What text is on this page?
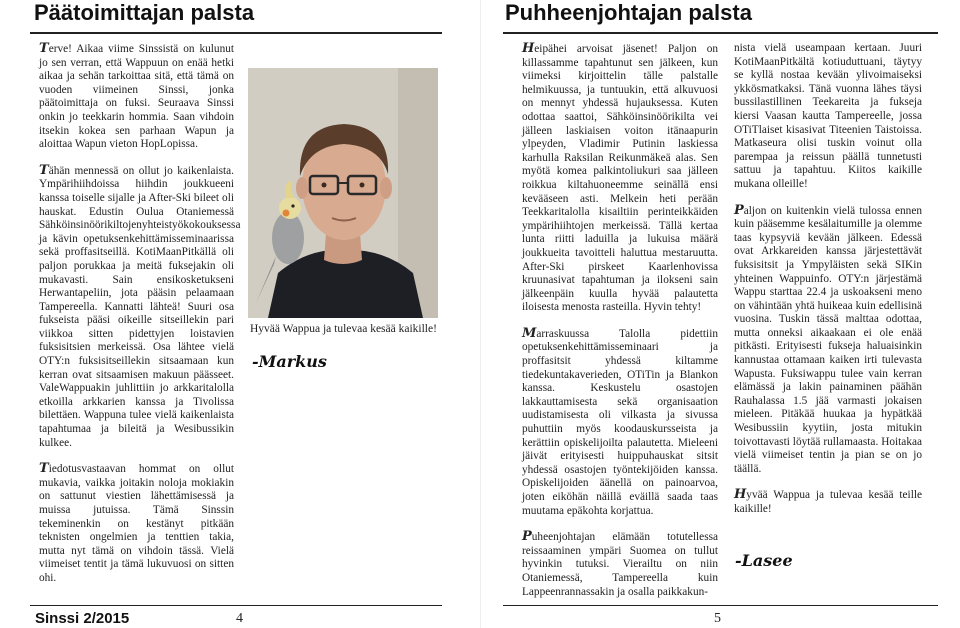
Päätoimittajan palsta

Terve! Aikaa viime Sinssistä on kulunut jo sen verran, että Wappuun on enää hetki aikaa ja sehän tarkoittaa sitä, että tämä on vuoden viimeinen Sinssi, jonka päätoimittaja on fuksi. Seuraava Sinssi onkin jo teekkarin hommia. Saan vihdoin itsekin kokea sen parhaan Wapun ja aloittaa Wapun vieton HopLopissa.

Tähän mennessä on ollut jo kaikenlaista. Ympärihiihdoissa hiihdin joukkueeni kanssa toiselle sijalle ja After-Ski bileet oli hauskat. Edustin Oulua Otaniemessä Sähköinsinöörikiltojenyhteistyökokouksessa ja kävin opetuksenkehittämisseminaarissa sekä proffasitseillä. KotiMaanPitkällä oli paljon porukkaa ja meitä fuksejakin oli mukavasti. Sain ensikosketukseni Herwantapeliin, jota pääsin pelaamaan Tampereella. Kannatti lähteä! Suuri osa fukseista pääsi oikeille sitseillekin pari viikkoa sitten pidettyjen loistavien fuksisitsien merkeissä. Osa lähtee vielä OTY:n fuksisitseillekin sitsaamaan kun kerran ovat sitsaamisen makuun päässeet. ValeWappuakin juhlittiin jo arkkaritalolla etkoilla arkkarien kanssa ja Tivolissa bilettäen. Wappuna tulee vielä kaikenlaista tapahtumaa ja bileitä ja Wesibussikin kulkee.

Tiedotusvastaavan hommat on ollut mukavia, vaikka joitakin noloja mokiakin on sattunut viestien lähettämisessä ja muissa jutuissa. Tämä Sinssin tekeminenkin on kestänyt pitkään teknisten ongelmien ja tenttien takia, mutta nyt tämä on vihdoin tässä. Vielä viimeiset tentit ja tämä lukuvuosi on sitten ohi.

Hyvää Wappua ja tulevaa kesää kaikille!
-Markus
Sinssi 2/2015	4
Puhheenjohtajan palsta

Heipähei arvoisat jäsenet! Paljon on killassamme tapahtunut sen jälkeen, kun viimeksi kirjoittelin tälle palstalle helmikuussa, ja tuntuukin, että alkuvuosi on mennyt yhdessä hujauksessa. Kuten odottaa saattoi, Sähköinsinöörikilta vei jälleen laskiaisen voiton itänaapurin ylpeyden, Vladimir Putinin laskiessa karhulla Raksilan Reikunmäkeä alas. Sen myötä komea palkintoliukuri saa jälleen roikkua kiltahuoneemme seinällä ensi kevääseen asti. Melkein heti perään Teekkaritalolla kisailtiin perinteikkäiden ympärihiihtojen merkeissä. Tällä kertaa lunta riitti laduilla ja lukuisa määrä joukkueita tavoitteli haluttua mestaruutta. After-Ski pirskeet Kaarlenhovissa kruunasivat tapahtuman ja ilokseni sain jälkeenpäin kuulla hyvää palautetta iloisesta menosta rasteilla. Hyvin tehty!

Marraskuussa Talolla pidettiin opetuksenkehittämisseminaari ja proffasitsit yhdessä kiltamme tiedekuntakaverieden, OTiTin ja Blankon kanssa. Keskustelu osastojen lakkauttamisesta sekä organisaation uudistamisesta oli vilkasta ja sivussa puhuttiin myös koodauskursseista ja kerättiin opiskelijoilta palautetta. Mieleeni jäivät erityisesti huippuhauskat sitsit yhdessä osastojen työntekijöiden kanssa. Opiskelijoiden äänellä on painoarvoa, joten eiköhän näillä eväillä saada taas muutama epäkohta korjattua.

Puheenjohtajan elämään totutellessa reissaaminen ympäri Suomea on tullut hyvinkin tutuksi. Vierailtu on niin Otaniemessä, Tampereella kuin Lappeenrannassakin ja osalla paikkakun-

nista vielä useampaan kertaan. Juuri KotiMaanPitkältä kotiuduttuani, täytyy se kyllä nostaa kevään ylivoimaiseksi ykkösmatkaksi. Tänä vuonna lähes täysi bussilastillinen Teekareita ja fukseja kiersi Vaasan kautta Tampereelle, jossa OTiTlaiset kisasivat Titeenien Taistoissa. Matkaseura olisi tuskin voinut olla parempaa ja reissun päällä tunnetusti sattuu ja tapahtuu. Kiitos kaikille mukana olleille!

Paljon on kuitenkin vielä tulossa ennen kuin pääsemme kesälaitumille ja olemme taas kypsyviä kevään jälkeen. Edessä ovat Arkkareiden kanssa järjestettävät fuksisitsit ja Ympyläisten sekä SIKin yhteinen Wappuinfo. OTY:n järjestämä Wappu starttaa 22.4 ja uskoakseni meno on vähintään yhtä huikeaa kuin edellisinä vuosina. Tuskin tässä malttaa odottaa, mutta onneksi aikaakaan ei ole enää pitkästi. Erityisesti fukseja haluaisinkin kannustaa ottamaan kaiken irti tulevasta Wapusta. Fuksiwappu tulee vain kerran elämässä ja lakin painaminen päähän Rauhalassa 1.5 jää varmasti jokaisen mieleen. Pitäkää huukaa ja hypätkää Wesibussiin kyytiin, josta mitukin toivottavasti löytää rullamaasta. Hoitakaa vielä viimeiset tentin ja pian se on jo täällä.

Hyvää Wappua ja tulevaa kesää teille kaikille!

-Lasee
5
